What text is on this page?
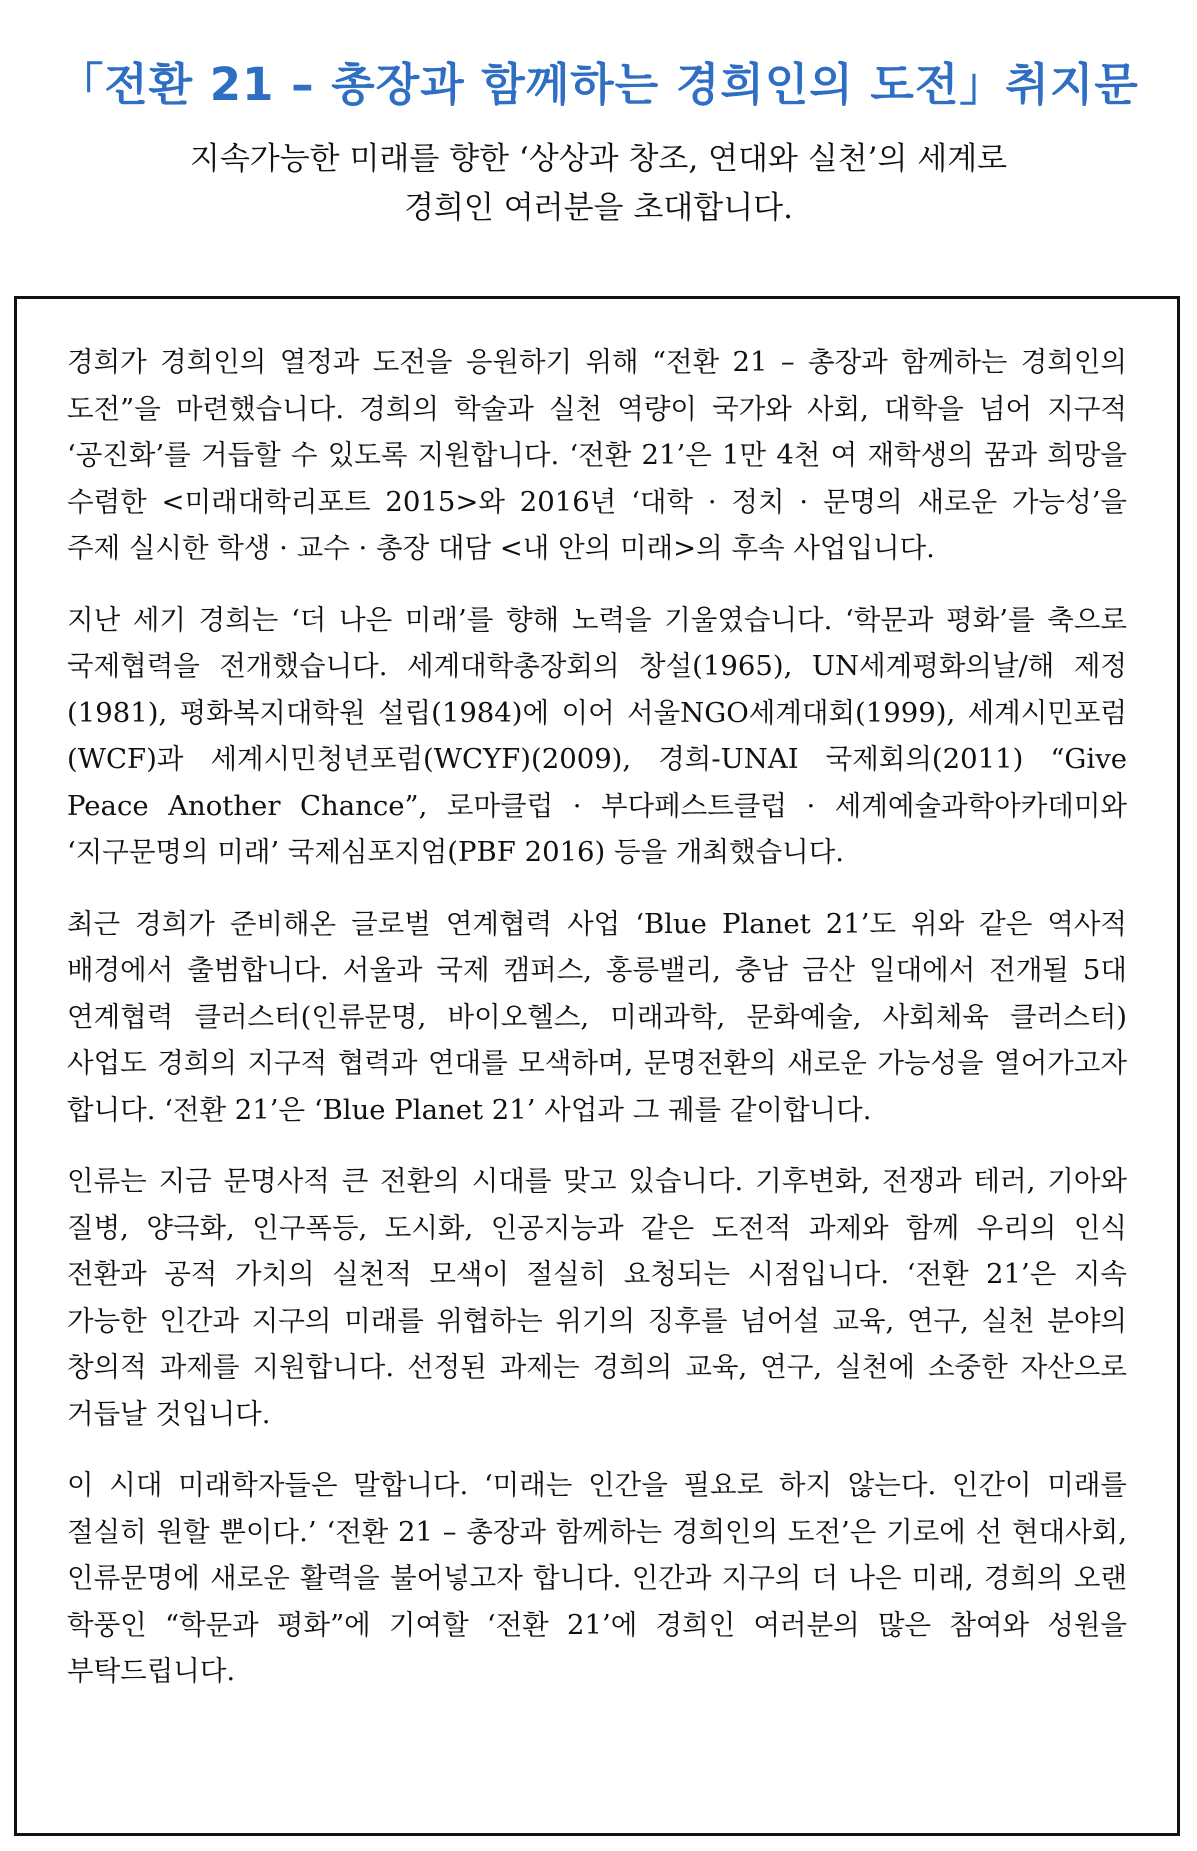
「전환 21 – 총장과 함께하는 경희인의 도전」취지문
지속가능한 미래를 향한 ‘상상과 창조, 연대와 실천’의 세계로
경희인 여러분을 초대합니다.

경희가 경희인의 열정과 도전을 응원하기 위해 “전환 21 – 총장과 함께하는 경희인의 도전”을 마련했습니다. 경희의 학술과 실천 역량이 국가와 사회, 대학을 넘어 지구적 ‘공진화’를 거듭할 수 있도록 지원합니다. ‘전환 21’은 1만 4천 여 재학생의 꿈과 희망을 수렴한 <미래대학리포트 2015>와 2016년 ‘대학 · 정치 · 문명의 새로운 가능성’을 주제 실시한 학생 · 교수 · 총장 대담 <내 안의 미래>의 후속 사업입니다.

지난 세기 경희는 ‘더 나은 미래’를 향해 노력을 기울였습니다. ‘학문과 평화’를 축으로 국제협력을 전개했습니다. 세계대학총장회의 창설(1965), UN세계평화의날/해 제정(1981), 평화복지대학원 설립(1984)에 이어 서울NGO세계대회(1999), 세계시민포럼(WCF)과 세계시민청년포럼(WCYF)(2009), 경희-UNAI 국제회의(2011) “Give Peace Another Chance”, 로마클럽 · 부다페스트클럽 · 세계예술과학아카데미와 ‘지구문명의 미래’ 국제심포지엄(PBF 2016) 등을 개최했습니다.

최근 경희가 준비해온 글로벌 연계협력 사업 ‘Blue Planet 21’도 위와 같은 역사적 배경에서 출범합니다. 서울과 국제 캠퍼스, 홍릉밸리, 충남 금산 일대에서 전개될 5대 연계협력 클러스터(인류문명, 바이오헬스, 미래과학, 문화예술, 사회체육 클러스터) 사업도 경희의 지구적 협력과 연대를 모색하며, 문명전환의 새로운 가능성을 열어가고자 합니다. ‘전환 21’은 ‘Blue Planet 21’ 사업과 그 궤를 같이합니다.

인류는 지금 문명사적 큰 전환의 시대를 맞고 있습니다. 기후변화, 전쟁과 테러, 기아와 질병, 양극화, 인구폭등, 도시화, 인공지능과 같은 도전적 과제와 함께 우리의 인식 전환과 공적 가치의 실천적 모색이 절실히 요청되는 시점입니다. ‘전환 21’은 지속 가능한 인간과 지구의 미래를 위협하는 위기의 징후를 넘어설 교육, 연구, 실천 분야의 창의적 과제를 지원합니다. 선정된 과제는 경희의 교육, 연구, 실천에 소중한 자산으로 거듭날 것입니다.

이 시대 미래학자들은 말합니다. ‘미래는 인간을 필요로 하지 않는다. 인간이 미래를 절실히 원할 뿐이다.’ ‘전환 21 – 총장과 함께하는 경희인의 도전’은 기로에 선 현대사회, 인류문명에 새로운 활력을 불어넣고자 합니다. 인간과 지구의 더 나은 미래, 경희의 오랜 학풍인 “학문과 평화”에 기여할 ‘전환 21’에 경희인 여러분의 많은 참여와 성원을 부탁드립니다.
